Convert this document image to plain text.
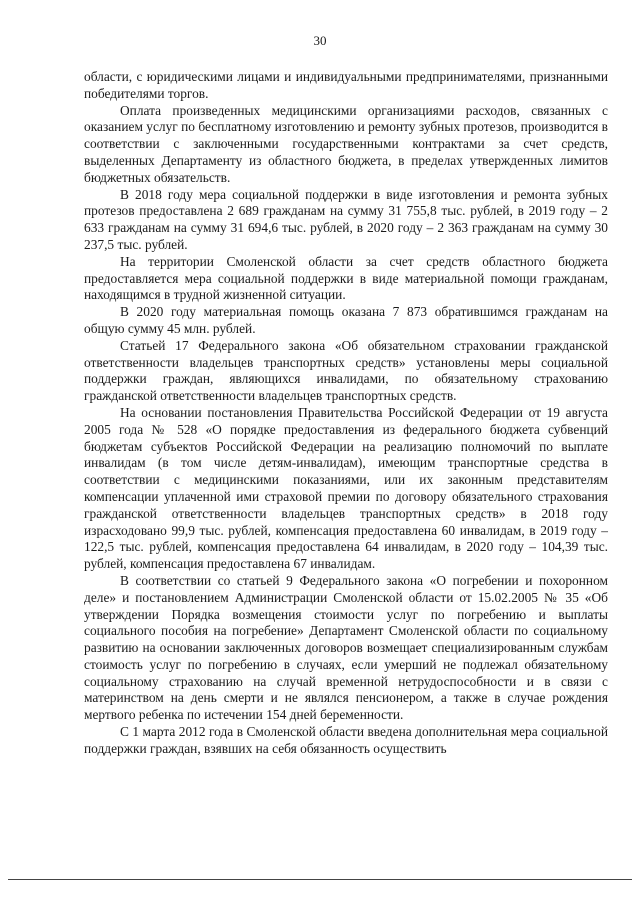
30

области, с юридическими лицами и индивидуальными предпринимателями, признанными победителями торгов.

Оплата произведенных медицинскими организациями расходов, связанных с оказанием услуг по бесплатному изготовлению и ремонту зубных протезов, производится в соответствии с заключенными государственными контрактами за счет средств, выделенных Департаменту из областного бюджета, в пределах утвержденных лимитов бюджетных обязательств.

В 2018 году мера социальной поддержки в виде изготовления и ремонта зубных протезов предоставлена 2 689 гражданам на сумму 31 755,8 тыс. рублей, в 2019 году – 2 633 гражданам на сумму 31 694,6 тыс. рублей, в 2020 году – 2 363 гражданам на сумму 30 237,5 тыс. рублей.

На территории Смоленской области за счет средств областного бюджета предоставляется мера социальной поддержки в виде материальной помощи гражданам, находящимся в трудной жизненной ситуации.

В 2020 году материальная помощь оказана 7 873 обратившимся гражданам на общую сумму 45 млн. рублей.

Статьей 17 Федерального закона «Об обязательном страховании гражданской ответственности владельцев транспортных средств» установлены меры социальной поддержки граждан, являющихся инвалидами, по обязательному страхованию гражданской ответственности владельцев транспортных средств.

На основании постановления Правительства Российской Федерации от 19 августа 2005 года № 528 «О порядке предоставления из федерального бюджета субвенций бюджетам субъектов Российской Федерации на реализацию полномочий по выплате инвалидам (в том числе детям-инвалидам), имеющим транспортные средства в соответствии с медицинскими показаниями, или их законным представителям компенсации уплаченной ими страховой премии по договору обязательного страхования гражданской ответственности владельцев транспортных средств» в 2018 году израсходовано 99,9 тыс. рублей, компенсация предоставлена 60 инвалидам, в 2019 году – 122,5 тыс. рублей, компенсация предоставлена 64 инвалидам, в 2020 году – 104,39 тыс. рублей, компенсация предоставлена 67 инвалидам.

В соответствии со статьей 9 Федерального закона «О погребении и похоронном деле» и постановлением Администрации Смоленской области от 15.02.2005 № 35 «Об утверждении Порядка возмещения стоимости услуг по погребению и выплаты социального пособия на погребение» Департамент Смоленской области по социальному развитию на основании заключенных договоров возмещает специализированным службам стоимость услуг по погребению в случаях, если умерший не подлежал обязательному социальному страхованию на случай временной нетрудоспособности и в связи с материнством на день смерти и не являлся пенсионером, а также в случае рождения мертвого ребенка по истечении 154 дней беременности.

С 1 марта 2012 года в Смоленской области введена дополнительная мера социальной поддержки граждан, взявших на себя обязанность осуществить
